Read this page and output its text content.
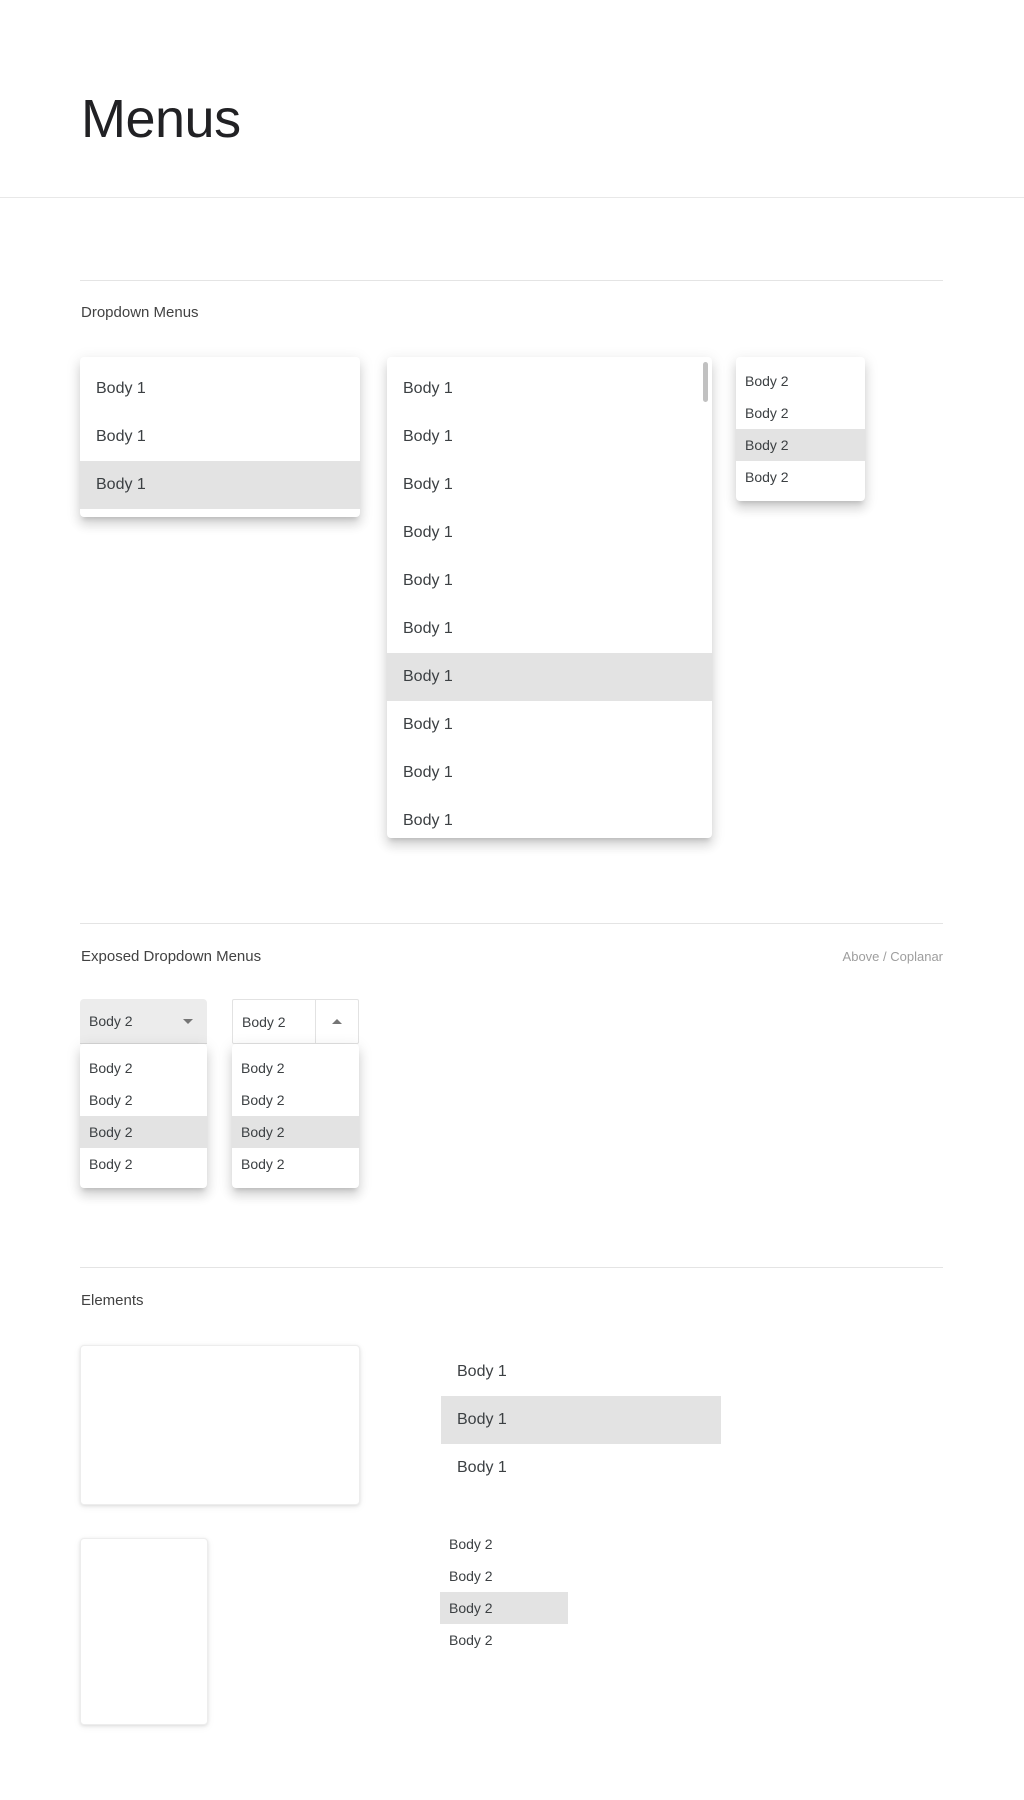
Menus
Dropdown Menus
Body 1
Body 1
Body 1
Body 1
Body 1
Body 1
Body 1
Body 1
Body 1
Body 1
Body 1
Body 1
Body 1
Body 2
Body 2
Body 2
Body 2
Exposed Dropdown Menus	Above / Coplanar
Body 2
Body 2
Body 2
Body 2
Body 2
Body 2
Body 2
Body 2
Body 2
Body 2
Elements
Body 1
Body 1
Body 1
Body 2
Body 2
Body 2
Body 2
